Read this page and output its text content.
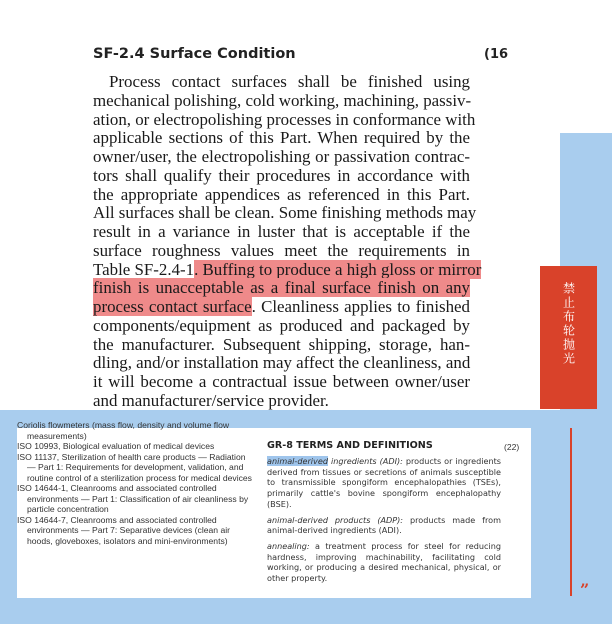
SF-2.4 Surface Condition	(16
Process contact surfaces shall be finished using
mechanical polishing, cold working, machining, passiv-
ation, or electropolishing processes in conformance with
applicable sections of this Part. When required by the
owner/user, the electropolishing or passivation contrac-
tors shall qualify their procedures in accordance with
the appropriate appendices as referenced in this Part.
All surfaces shall be clean. Some finishing methods may
result in a variance in luster that is acceptable if the
surface roughness values meet the requirements in
Table SF-2.4-1. Buffing to produce a high gloss or mirror
finish is unacceptable as a final surface finish on any
process contact surface. Cleanliness applies to finished
components/equipment as produced and packaged by
the manufacturer. Subsequent shipping, storage, han-
dling, and/or installation may affect the cleanliness, and
it will become a contractual issue between owner/user
and manufacturer/service provider.
禁止布轮抛光
”
Coriolis flowmeters (mass flow, density and volume flow measurements)
ISO 10993, Biological evaluation of medical devices
ISO 11137, Sterilization of health care products — Radiation — Part 1: Requirements for development, validation, and routine control of a sterilization process for medical devices
ISO 14644-1, Cleanrooms and associated controlled environments — Part 1: Classification of air cleanliness by particle concentration
ISO 14644-7, Cleanrooms and associated controlled environments — Part 7: Separative devices (clean air hoods, gloveboxes, isolators and mini-environments)
GR-8 TERMS AND DEFINITIONS	(22)
animal-derived ingredients (ADI): products or ingredients derived from tissues or secretions of animals susceptible to transmissible spongiform encephalopathies (TSEs), primarily cattle's bovine spongiform encephalopathy (BSE).
animal-derived products (ADP): products made from animal-derived ingredients (ADI).
annealing: a treatment process for steel for reducing hardness, improving machinability, facilitating cold working, or producing a desired mechanical, physical, or other property.
